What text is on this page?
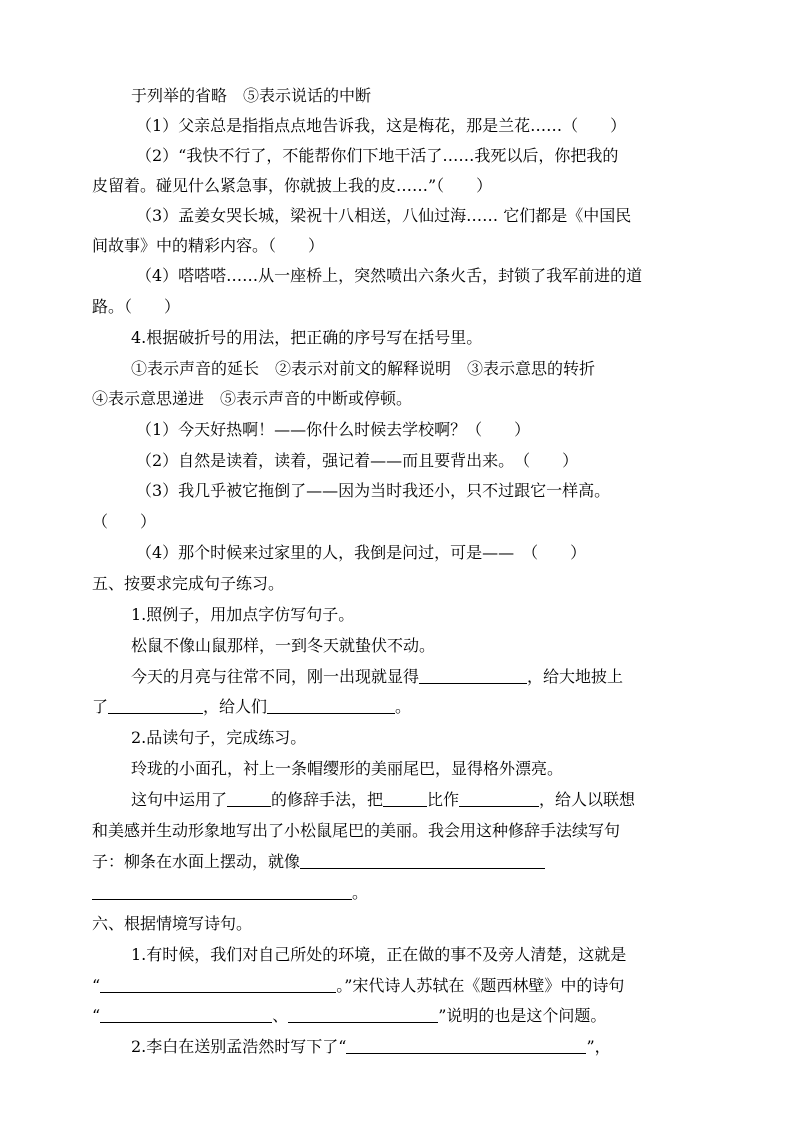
于列举的省略　⑤表示说话的中断
（1）父亲总是指指点点地告诉我，这是梅花，那是兰花……（　　）
（2）“我快不行了，不能帮你们下地干活了……我死以后，你把我的
皮留着。碰见什么紧急事，你就披上我的皮……”（　　）
（3）孟姜女哭长城，梁祝十八相送，八仙过海…… 它们都是《中国民
间故事》中的精彩内容。（　　）
（4）嗒嗒嗒……从一座桥上，突然喷出六条火舌，封锁了我军前进的道
路。（　　）
4.根据破折号的用法，把正确的序号写在括号里。
①表示声音的延长　②表示对前文的解释说明　③表示意思的转折
④表示意思递进　⑤表示声音的中断或停顿。
（1）今天好热啊！——你什么时候去学校啊？（　　）
（2）自然是读着，读着，强记着——而且要背出来。　（　　）
（3）我几乎被它拖倒了——因为当时我还小，只不过跟它一样高。
（　　）
（4）那个时候来过家里的人，我倒是问过，可是——　（　　）
五、按要求完成句子练习。
1.照例子，用加点字仿写句子。
松鼠不像山鼠那样，一到冬天就蛰伏不动。
今天的月亮与往常不同，刚一出现就显得	，给大地披上
了	，给人们	。
2.品读句子，完成练习。
玲珑的小面孔，衬上一条帽缨形的美丽尾巴，显得格外漂亮。
这句中运用了	的修辞手法，把	比作	，给人以联想
和美感并生动形象地写出了小松鼠尾巴的美丽。我会用这种修辞手法续写句
子：柳条在水面上摆动，就像
。
六、根据情境写诗句。
1.有时候，我们对自己所处的环境，正在做的事不及旁人清楚，这就是
“	。”宋代诗人苏轼在《题西林壁》中的诗句
“	、	”说明的也是这个问题。
2.李白在送别孟浩然时写下了“	”，
